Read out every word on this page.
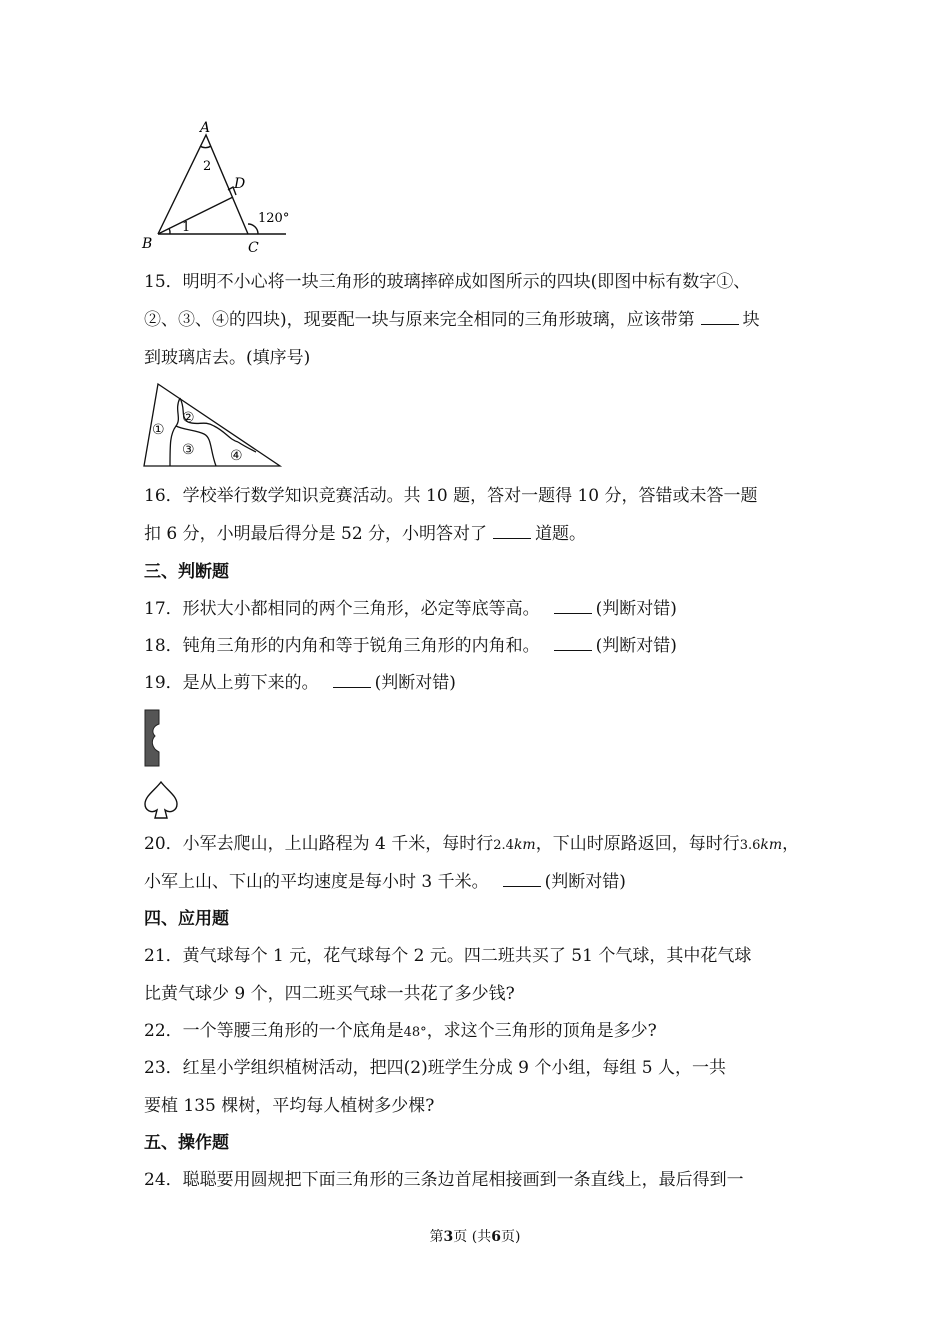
A
B	C
D
1
2
120°
15．明明不小心将一块三角形的玻璃摔碎成如图所示的四块(即图中标有数字①、
②、③、④的四块)，现要配一块与原来完全相同的三角形玻璃，应该带第	块
到玻璃店去。(填序号)
①
②
③	④
16．学校举行数学知识竞赛活动。共 10 题，答对一题得 10 分，答错或未答一题
扣 6 分，小明最后得分是 52 分，小明答对了	道题。
三、判断题
17．形状大小都相同的两个三角形，必定等底等高。	(判断对错)
18．钝角三角形的内角和等于锐角三角形的内角和。	(判断对错)
19．是从上剪下来的。	(判断对错)
20．小军去爬山，上山路程为 4 千米，每时行2.4km，下山时原路返回，每时行3.6km，
小军上山、下山的平均速度是每小时 3 千米。	(判断对错)
四、应用题
21．黄气球每个 1 元，花气球每个 2 元。四二班共买了 51 个气球，其中花气球
比黄气球少 9 个，四二班买气球一共花了多少钱?
22．一个等腰三角形的一个底角是48°，求这个三角形的顶角是多少?
23．红星小学组织植树活动，把四(2)班学生分成 9 个小组，每组 5 人，一共
要植 135 棵树，平均每人植树多少棵?
五、操作题
24．聪聪要用圆规把下面三角形的三条边首尾相接画到一条直线上，最后得到一
第3页 (共6页)
